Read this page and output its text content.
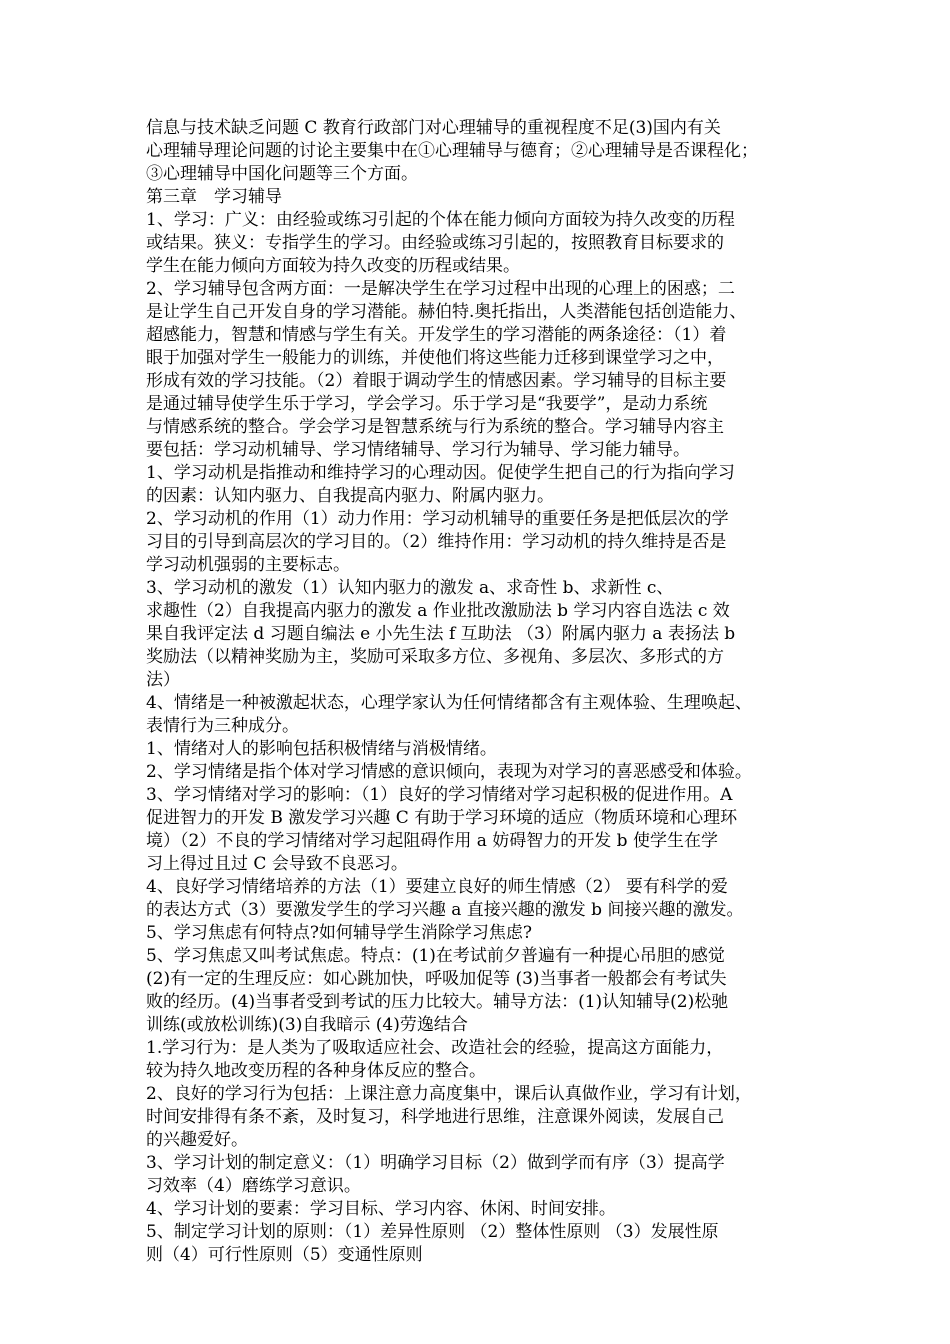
信息与技术缺乏问题 C 教育行政部门对心理辅导的重视程度不足(3)国内有关
心理辅导理论问题的讨论主要集中在①心理辅导与德育；②心理辅导是否课程化；
③心理辅导中国化问题等三个方面。
第三章　学习辅导
1、学习：广义：由经验或练习引起的个体在能力倾向方面较为持久改变的历程
或结果。狭义：专指学生的学习。由经验或练习引起的，按照教育目标要求的
学生在能力倾向方面较为持久改变的历程或结果。
2、学习辅导包含两方面：一是解决学生在学习过程中出现的心理上的困惑；二
是让学生自己开发自身的学习潜能。赫伯特.奥托指出，人类潜能包括创造能力、
超感能力，智慧和情感与学生有关。开发学生的学习潜能的两条途径：（1）着
眼于加强对学生一般能力的训练，并使他们将这些能力迁移到课堂学习之中，
形成有效的学习技能。（2）着眼于调动学生的情感因素。学习辅导的目标主要
是通过辅导使学生乐于学习，学会学习。乐于学习是“我要学”，是动力系统
与情感系统的整合。学会学习是智慧系统与行为系统的整合。学习辅导内容主
要包括：学习动机辅导、学习情绪辅导、学习行为辅导、学习能力辅导。
1、学习动机是指推动和维持学习的心理动因。促使学生把自己的行为指向学习
的因素：认知内驱力、自我提高内驱力、附属内驱力。
2、学习动机的作用（1）动力作用：学习动机辅导的重要任务是把低层次的学
习目的引导到高层次的学习目的。（2）维持作用：学习动机的持久维持是否是
学习动机强弱的主要标志。
3、学习动机的激发（1）认知内驱力的激发 a、求奇性 b、求新性 c、
求趣性（2）自我提高内驱力的激发 a 作业批改激励法 b 学习内容自选法 c 效
果自我评定法 d 习题自编法 e 小先生法 f 互助法 （3）附属内驱力 a 表扬法 b
奖励法（以精神奖励为主，奖励可采取多方位、多视角、多层次、多形式的方
法）
4、情绪是一种被激起状态，心理学家认为任何情绪都含有主观体验、生理唤起、
表情行为三种成分。
1、情绪对人的影响包括积极情绪与消极情绪。
2、学习情绪是指个体对学习情感的意识倾向，表现为对学习的喜恶感受和体验。
3、学习情绪对学习的影响：（1）良好的学习情绪对学习起积极的促进作用。A
促进智力的开发 B 激发学习兴趣 C 有助于学习环境的适应（物质环境和心理环
境）（2）不良的学习情绪对学习起阻碍作用 a 妨碍智力的开发 b 使学生在学
习上得过且过 C 会导致不良恶习。
4、良好学习情绪培养的方法（1）要建立良好的师生情感（2） 要有科学的爱
的表达方式（3）要激发学生的学习兴趣 a 直接兴趣的激发 b 间接兴趣的激发。
5、学习焦虑有何特点?如何辅导学生消除学习焦虑?
5、学习焦虑又叫考试焦虑。特点：(1)在考试前夕普遍有一种提心吊胆的感觉
(2)有一定的生理反应：如心跳加快，呼吸加促等 (3)当事者一般都会有考试失
败的经历。(4)当事者受到考试的压力比较大。辅导方法：(1)认知辅导(2)松驰
训练(或放松训练)(3)自我暗示 (4)劳逸结合
1.学习行为：是人类为了吸取适应社会、改造社会的经验，提高这方面能力，
较为持久地改变历程的各种身体反应的整合。
2、良好的学习行为包括：上课注意力高度集中，课后认真做作业，学习有计划，
时间安排得有条不紊，及时复习，科学地进行思维，注意课外阅读，发展自己
的兴趣爱好。
3、学习计划的制定意义：（1）明确学习目标（2）做到学而有序（3）提高学
习效率（4）磨练学习意识。
4、学习计划的要素：学习目标、学习内容、休闲、时间安排。
5、制定学习计划的原则：（1）差异性原则 （2）整体性原则 （3）发展性原
则（4）可行性原则（5）变通性原则
